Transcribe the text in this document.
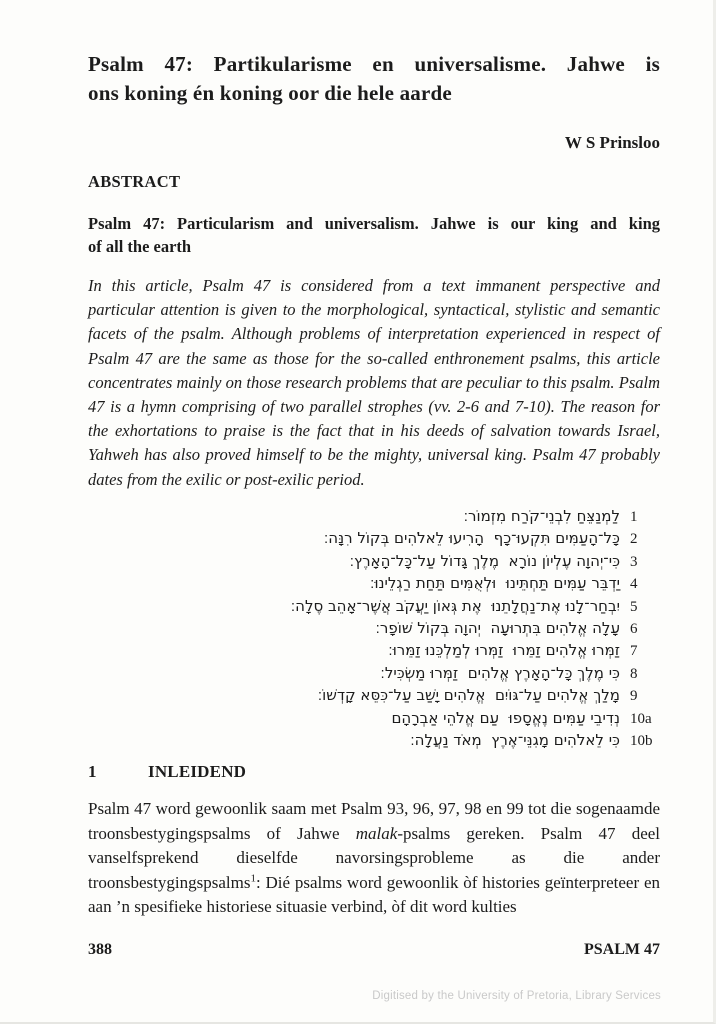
Psalm 47: Partikularisme en universalisme. Jahwe is
ons koning én koning oor die hele aarde
W S Prinsloo
ABSTRACT
Psalm 47: Particularism and universalism. Jahwe is our king and king
of all the earth
In this article, Psalm 47 is considered from a text immanent perspective and particular attention is given to the morphological, syntactical, stylistic and semantic facets of the psalm. Although problems of interpretation experienced in respect of Psalm 47 are the same as those for the so-called enthronement psalms, this article concentrates mainly on those research problems that are peculiar to this psalm. Psalm 47 is a hymn comprising of two parallel strophes (vv. 2-6 and 7-10). The reason for the exhortations to praise is the fact that in his deeds of salvation towards Israel, Yahweh has also proved himself to be the mighty, universal king. Psalm 47 probably dates from the exilic or post-exilic period.
לַמְנַצֵּחַ לִבְנֵי־קֹרַח מִזְמוֹר׃ 1
כָּל־הָעַמִּים תִּקְעוּ־כָף  הָרִיעוּ לֵאלֹהִים בְּקוֹל רִנָּה׃ 2
כִּי־יְהוָה עֶלְיוֹן נוֹרָא  מֶלֶךְ גָּדוֹל עַל־כָּל־הָאָרֶץ׃ 3
יַדְבֵּר עַמִּים תַּחְתֵּינוּ  וּלְאֻמִּים תַּחַת רַגְלֵינוּ׃ 4
יִבְחַר־לָנוּ אֶת־נַחֲלָתֵנוּ  אֶת גְּאוֹן יַעֲקֹב אֲשֶׁר־אָהֵב סֶלָה׃ 5
עָלָה אֱלֹהִים בִּתְרוּעָה  יְהוָה בְּקוֹל שׁוֹפָר׃ 6
זַמְּרוּ אֱלֹהִים זַמֵּרוּ  זַמְּרוּ לְמַלְכֵּנוּ זַמֵּרוּ׃ 7
כִּי מֶלֶךְ כָּל־הָאָרֶץ אֱלֹהִים  זַמְּרוּ מַשְׂכִּיל׃ 8
מָלַךְ אֱלֹהִים עַל־גּוֹיִם  אֱלֹהִים יָשַׁב עַל־כִּסֵּא קָדְשׁוֹ׃ 9
נְדִיבֵי עַמִּים נֶאֱסָפוּ  עַם אֱלֹהֵי אַבְרָהָם 10a
כִּי לֵאלֹהִים מָגִנֵּי־אֶרֶץ  מְאֹד נַעֲלָה׃ 10b
1	INLEIDEND
Psalm 47 word gewoonlik saam met Psalm 93, 96, 97, 98 en 99 tot die sogenaamde troonsbestygingspsalms of Jahwe malak-psalms gereken. Psalm 47 deel vanselfsprekend dieselfde navorsingsprobleme as die ander troonsbestygingspsalms$^1$: Dié psalms word gewoonlik òf histories geïnterpreteer en aan ’n spesifieke historiese situasie verbind, òf dit word kulties
388	PSALM 47
Digitised by the University of Pretoria, Library Services
